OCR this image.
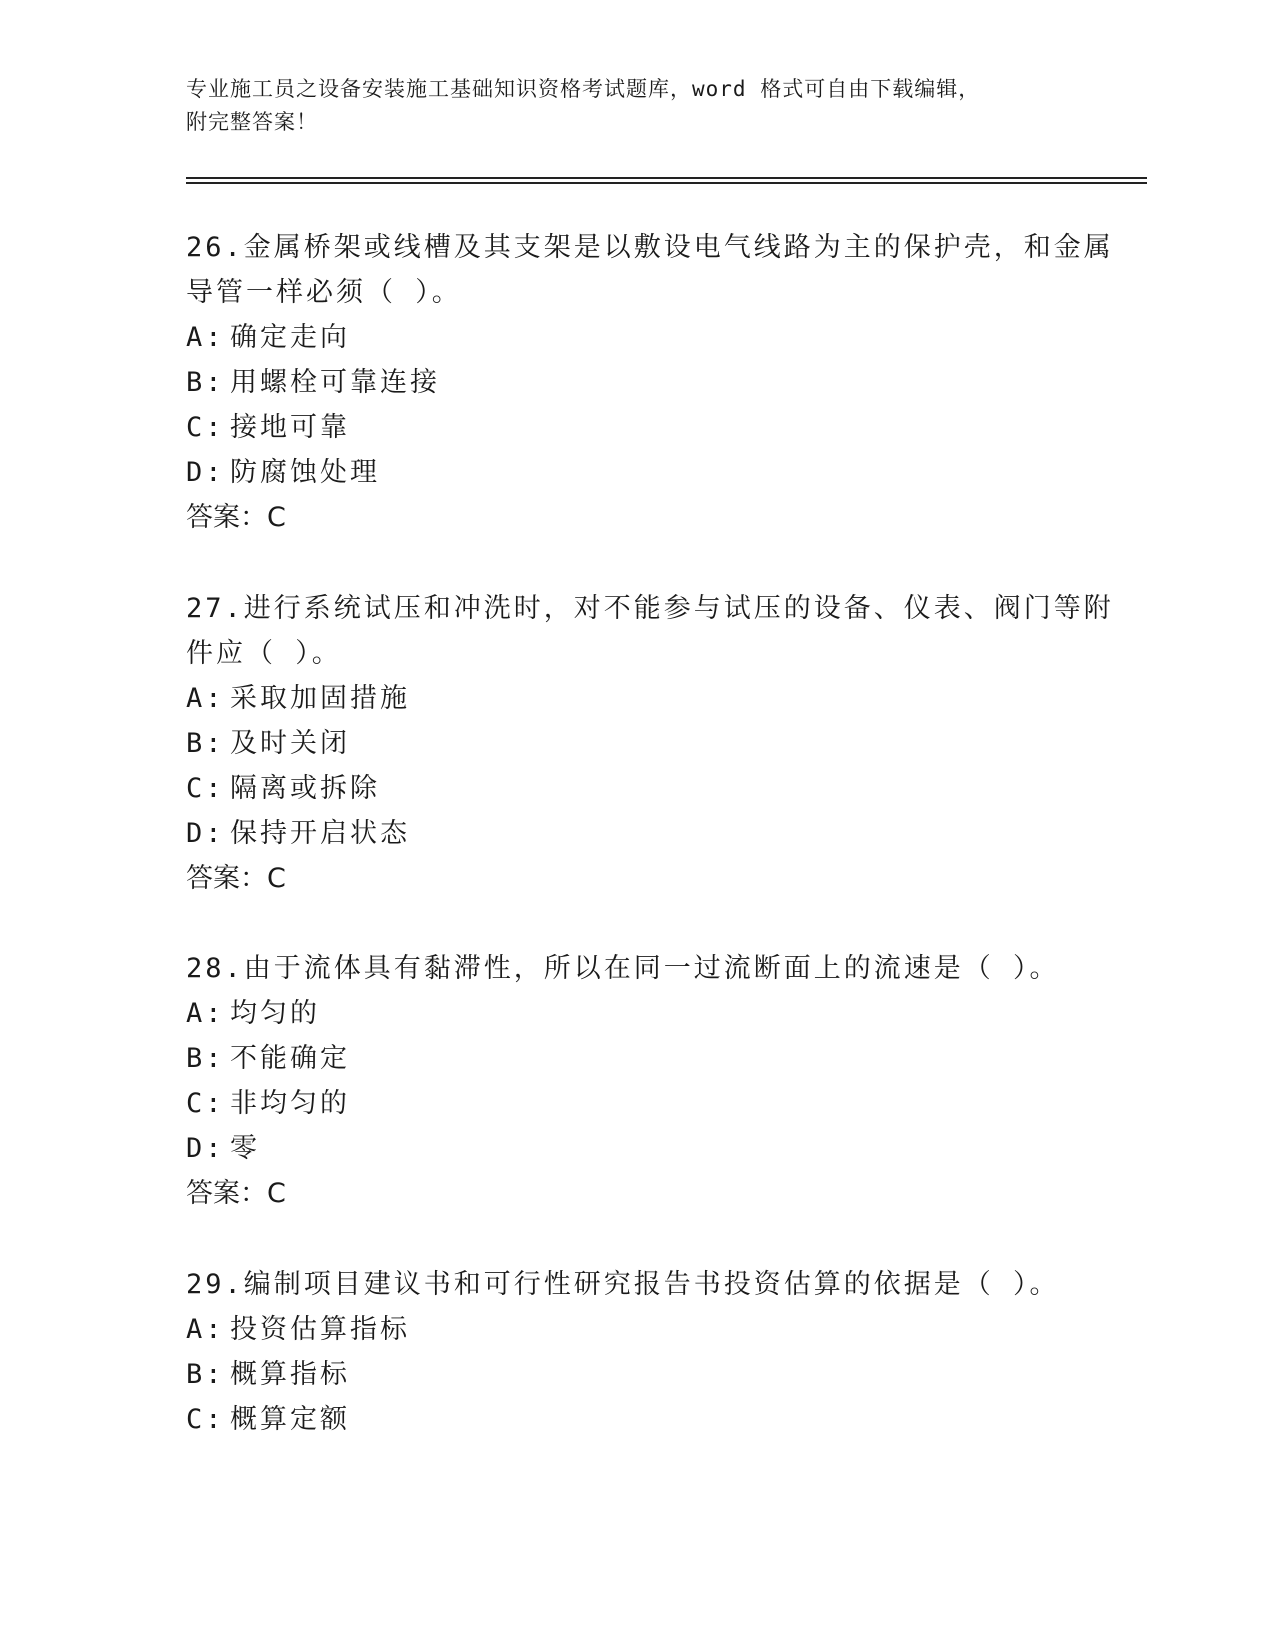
专业施工员之设备安装施工基础知识资格考试题库，word 格式可自由下载编辑，
附完整答案！

26.金属桥架或线槽及其支架是以敷设电气线路为主的保护壳，和金属

导管一样必须（ ）。

A: 确定走向

B: 用螺栓可靠连接

C: 接地可靠

D: 防腐蚀处理

答案：C

27.进行系统试压和冲洗时，对不能参与试压的设备、仪表、阀门等附

件应（ ）。

A: 采取加固措施

B: 及时关闭

C: 隔离或拆除

D: 保持开启状态

答案：C

28.由于流体具有黏滞性，所以在同一过流断面上的流速是（ ）。

A: 均匀的

B: 不能确定

C: 非均匀的

D: 零

答案：C

29.编制项目建议书和可行性研究报告书投资估算的依据是（ ）。

A: 投资估算指标

B: 概算指标

C: 概算定额
